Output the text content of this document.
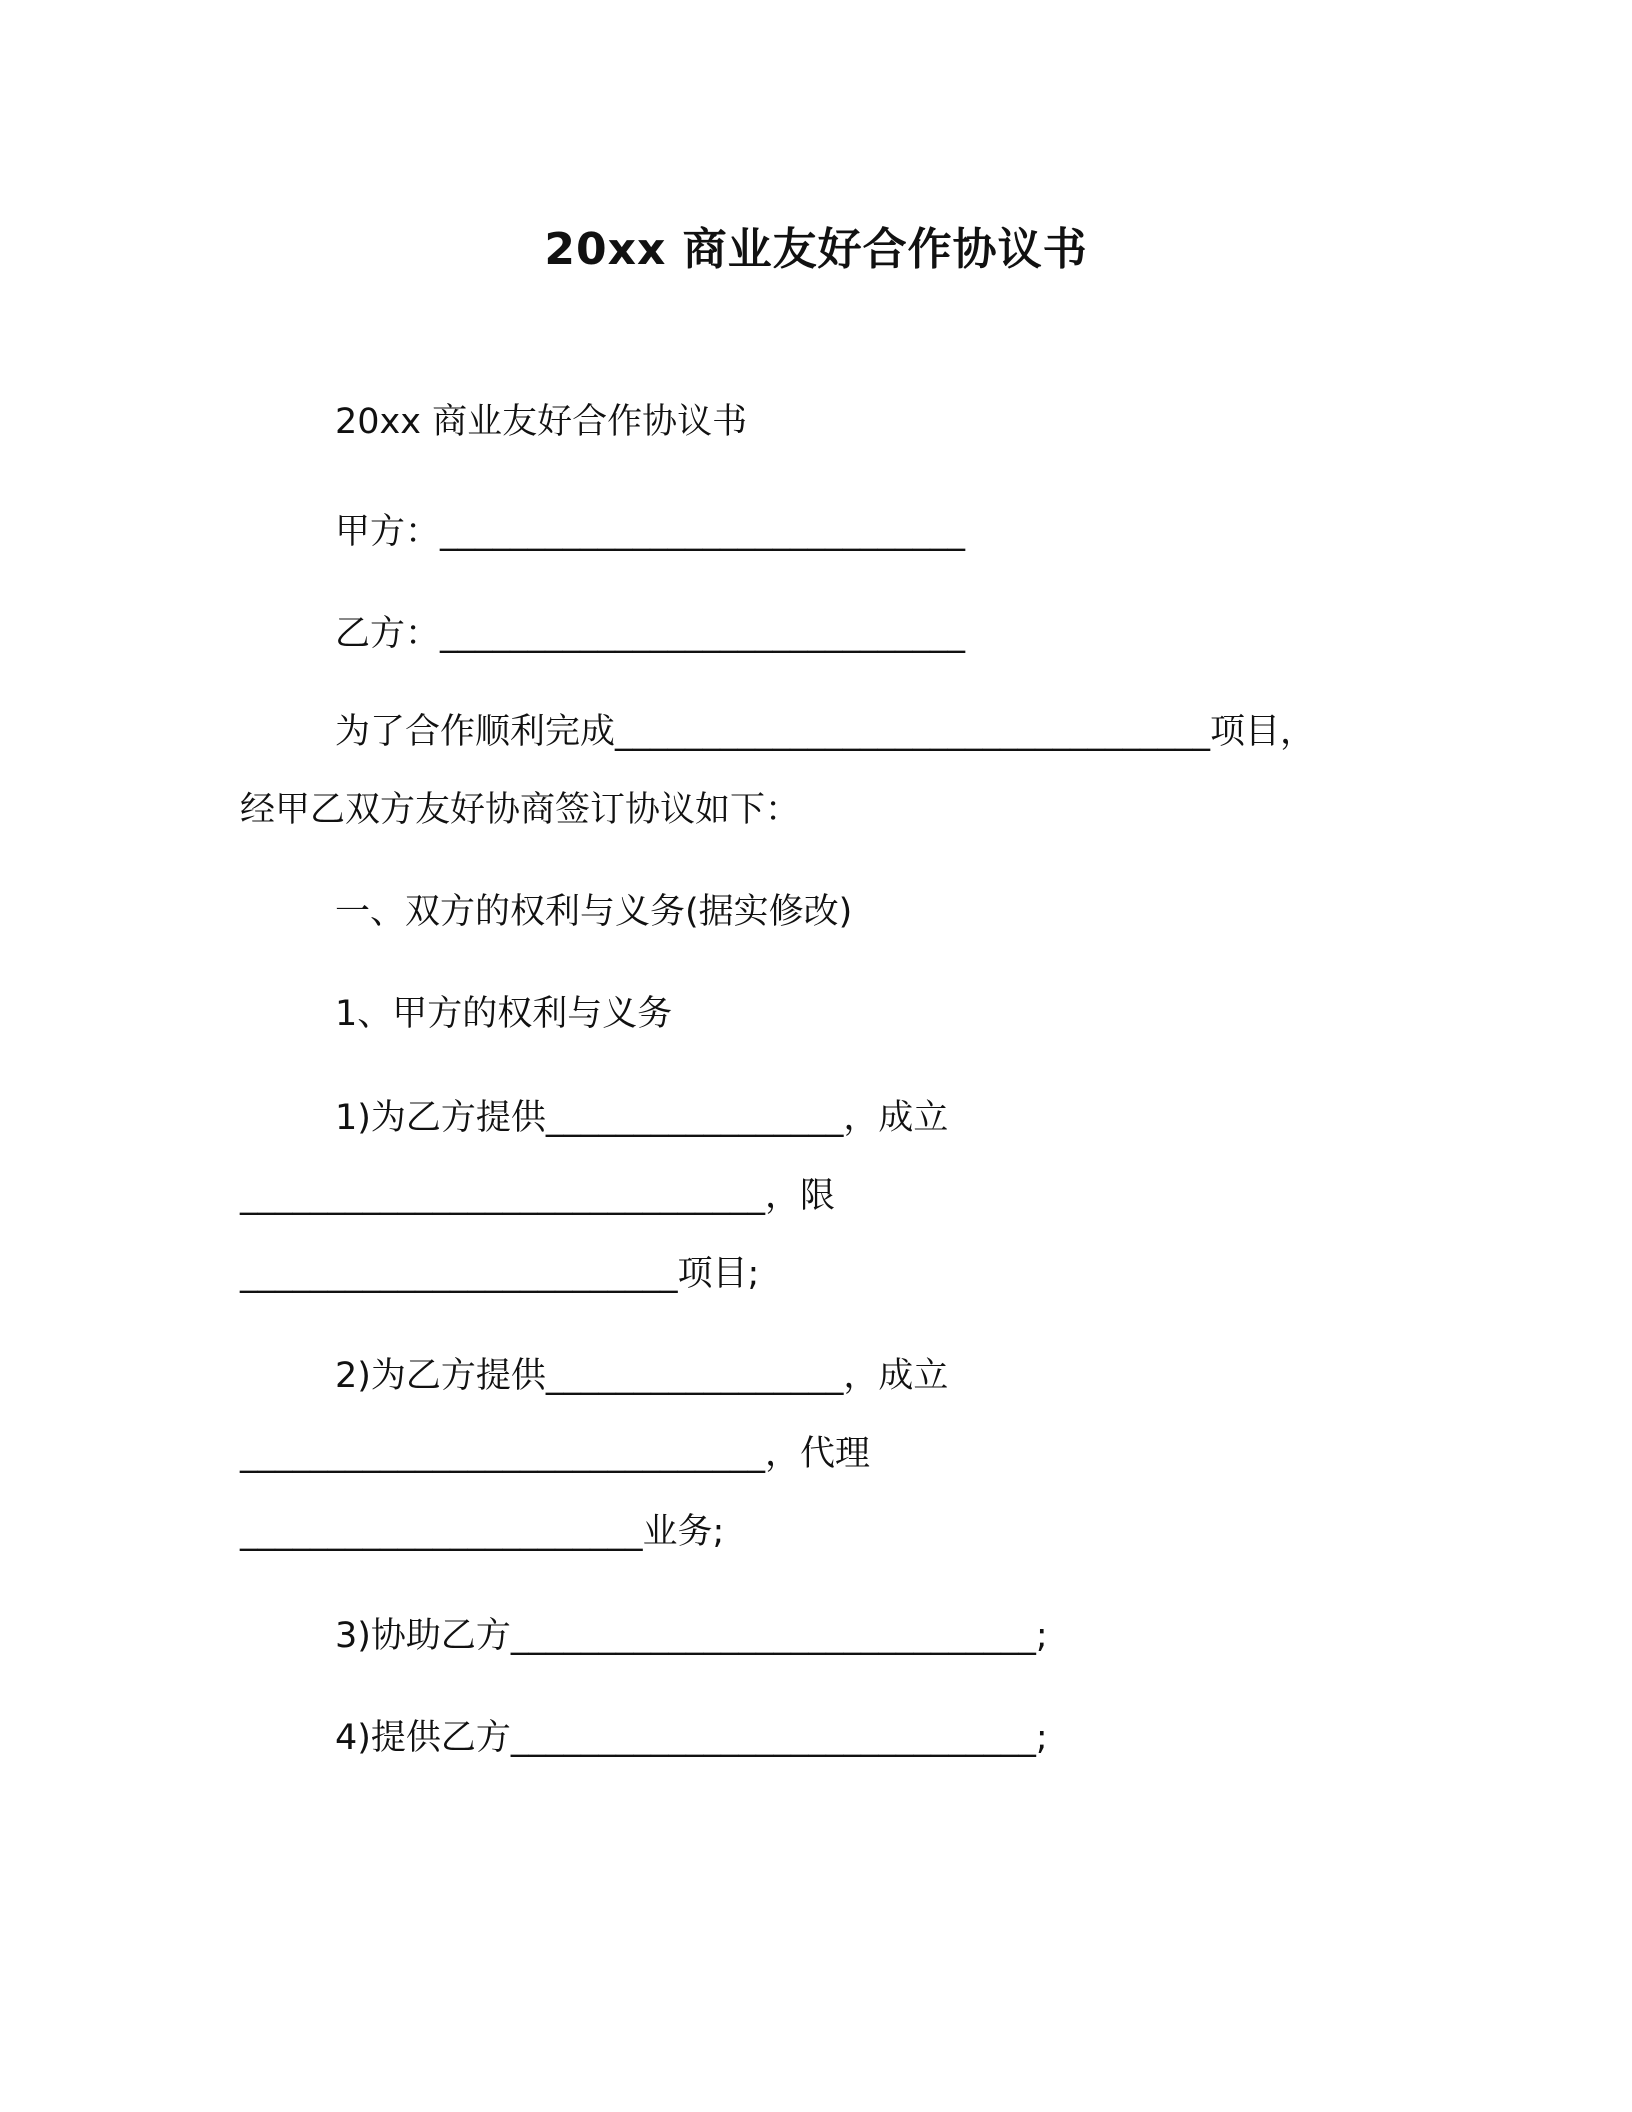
20xx 商业友好合作协议书
20xx 商业友好合作协议书
甲方：______________________________
乙方：______________________________
为了合作顺利完成__________________________________项目，
经甲乙双方友好协商签订协议如下：
一、双方的权利与义务(据实修改)
1、甲方的权利与义务
1)为乙方提供_________________，成立
______________________________，限
_________________________项目;
2)为乙方提供_________________，成立
______________________________，代理
_______________________业务;
3)协助乙方______________________________;
4)提供乙方______________________________;
